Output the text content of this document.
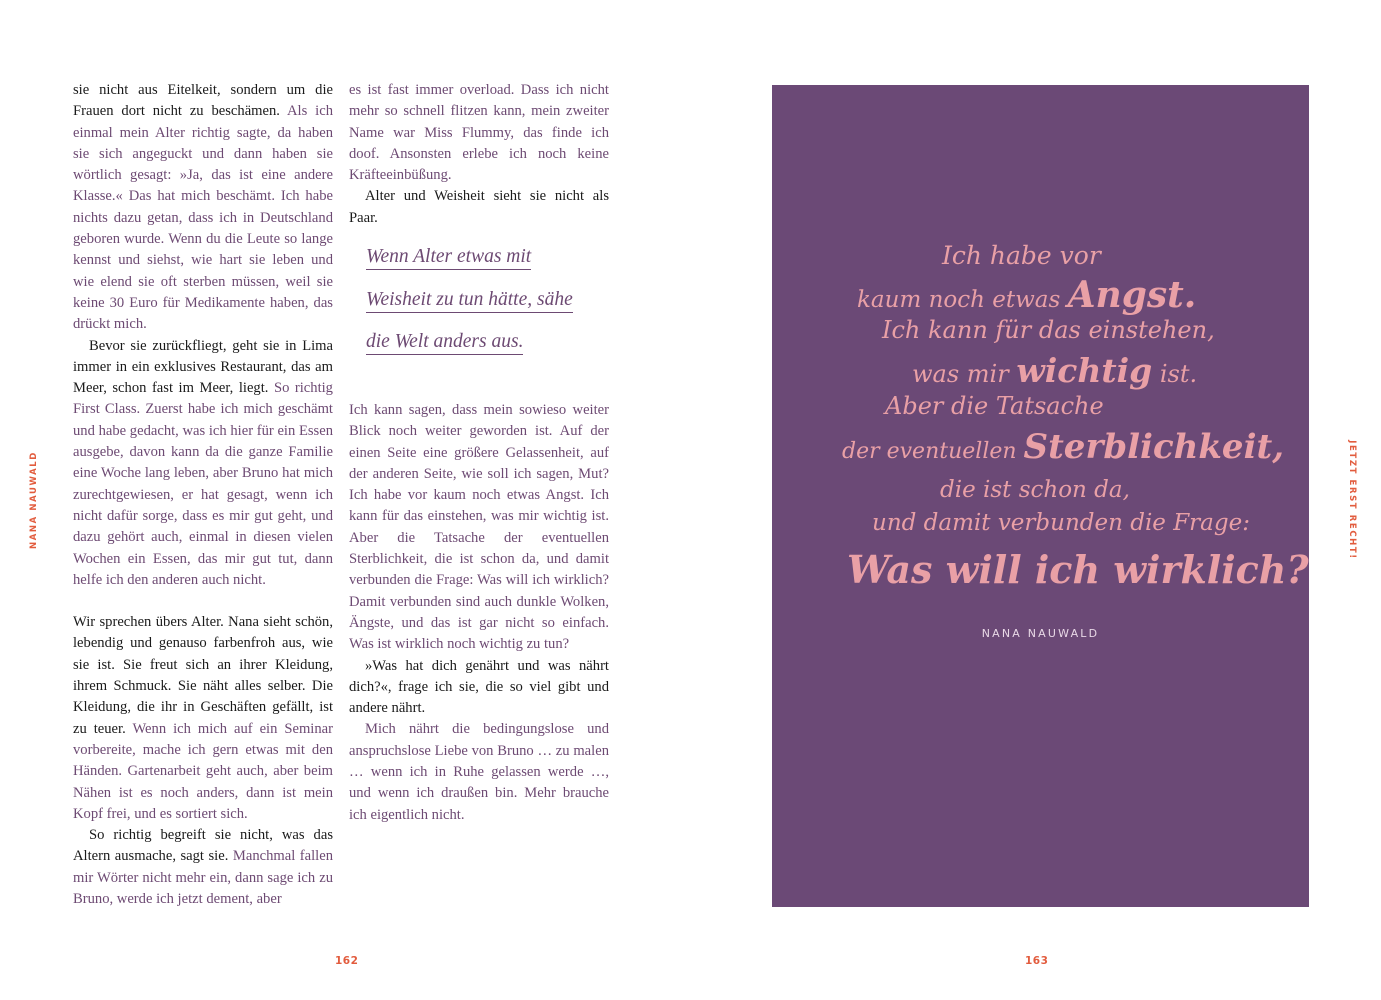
NANA NAUWALD	JETZT ERST RECHT!

sie nicht aus Eitelkeit, sondern um die Frauen dort nicht zu beschämen. Als ich einmal mein Alter richtig sagte, da haben sie sich angeguckt und dann haben sie wörtlich gesagt: »Ja, das ist eine andere Klasse.« Das hat mich beschämt. Ich habe nichts dazu getan, dass ich in Deutschland geboren wurde. Wenn du die Leute so lange kennst und siehst, wie hart sie leben und wie elend sie oft sterben müssen, weil sie keine 30 Euro für Medikamente haben, das drückt mich.

Bevor sie zurückfliegt, geht sie in Lima immer in ein exklusives Restaurant, das am Meer, schon fast im Meer, liegt. So richtig First Class. Zuerst habe ich mich geschämt und habe gedacht, was ich hier für ein Essen ausgebe, davon kann da die ganze Familie eine Woche lang leben, aber Bruno hat mich zurechtgewiesen, er hat gesagt, wenn ich nicht dafür sorge, dass es mir gut geht, und dazu gehört auch, einmal in diesen vielen Wochen ein Essen, das mir gut tut, dann helfe ich den anderen auch nicht.

Wir sprechen übers Alter. Nana sieht schön, lebendig und genauso farbenfroh aus, wie sie ist. Sie freut sich an ihrer Kleidung, ihrem Schmuck. Sie näht alles selber. Die Kleidung, die ihr in Geschäften gefällt, ist zu teuer. Wenn ich mich auf ein Seminar vorbereite, mache ich gern etwas mit den Händen. Gartenarbeit geht auch, aber beim Nähen ist es noch anders, dann ist mein Kopf frei, und es sortiert sich.

So richtig begreift sie nicht, was das Altern ausmache, sagt sie. Manchmal fallen mir Wörter nicht mehr ein, dann sage ich zu Bruno, werde ich jetzt dement, aber

es ist fast immer overload. Dass ich nicht mehr so schnell flitzen kann, mein zweiter Name war Miss Flummy, das finde ich doof. Ansonsten erlebe ich noch keine Kräfteeinbüßung.

Alter und Weisheit sieht sie nicht als Paar.

Wenn Alter etwas mit
Weisheit zu tun hätte, sähe
die Welt anders aus.

Ich kann sagen, dass mein sowieso weiter Blick noch weiter geworden ist. Auf der einen Seite eine größere Gelassenheit, auf der anderen Seite, wie soll ich sagen, Mut? Ich habe vor kaum noch etwas Angst. Ich kann für das einstehen, was mir wichtig ist. Aber die Tatsache der eventuellen Sterblichkeit, die ist schon da, und damit verbunden die Frage: Was will ich wirklich? Damit verbunden sind auch dunkle Wolken, Ängste, und das ist gar nicht so einfach. Was ist wirklich noch wichtig zu tun?

»Was hat dich genährt und was nährt dich?«, frage ich sie, die so viel gibt und andere nährt.

Mich nährt die bedingungslose und anspruchslose Liebe von Bruno … zu malen … wenn ich in Ruhe gelassen werde …, und wenn ich draußen bin. Mehr brauche ich eigentlich nicht.

162	163
Ich habe vor
kaum noch etwas Angst.
Ich kann für das einstehen,
was mir wichtig ist.
Aber die Tatsache
der eventuellen Sterblichkeit,
die ist schon da,
und damit verbunden die Frage:
Was will ich wirklich?
NANA NAUWALD
